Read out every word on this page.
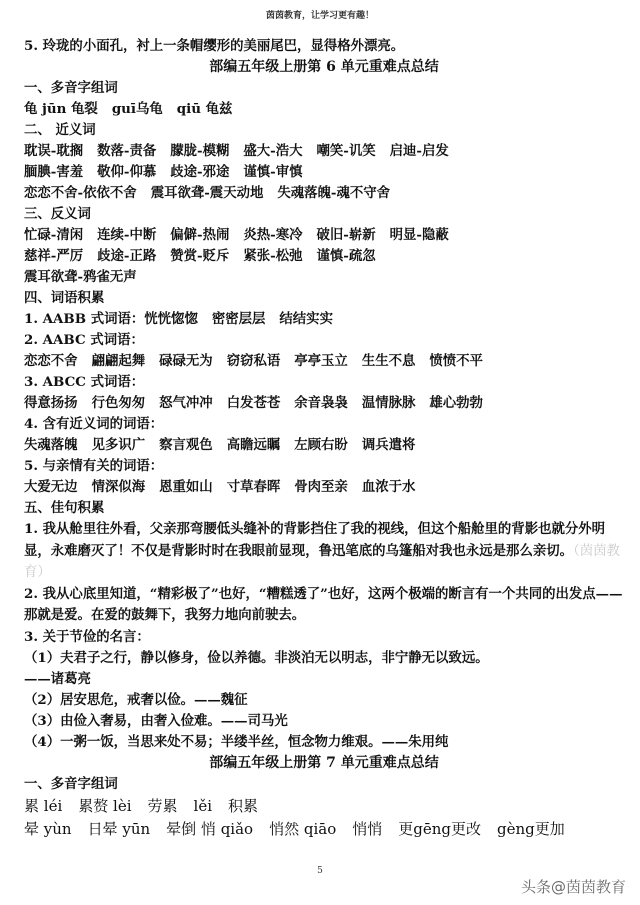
茵茵教育，让学习更有趣！
5. 玲珑的小面孔，衬上一条帽缨形的美丽尾巴，显得格外漂亮。
部编五年级上册第 6 单元重难点总结
一、多音字组词
龟 jūn 龟裂 guī乌龟 qiū 龟兹
二、 近义词
耽误-耽搁 数落-责备 朦胧-模糊 盛大-浩大 嘲笑-讥笑 启迪-启发
腼腆-害羞 敬仰-仰慕 歧途-邪途 谨慎-审慎
恋恋不舍-依依不舍 震耳欲聋-震天动地 失魂落魄-魂不守舍
三、反义词
忙碌-清闲 连续-中断 偏僻-热闹 炎热-寒冷 破旧-崭新 明显-隐蔽
慈祥-严厉 歧途-正路 赞赏-贬斥 紧张-松弛 谨慎-疏忽
震耳欲聋-鸦雀无声
四、词语积累
1. AABB 式词语：恍恍惚惚 密密层层 结结实实
2. AABC 式词语：
恋恋不舍 翩翩起舞 碌碌无为 窃窃私语 亭亭玉立 生生不息 愤愤不平
3. ABCC 式词语：
得意扬扬 行色匆匆 怒气冲冲 白发苍苍 余音袅袅 温情脉脉 雄心勃勃
4. 含有近义词的词语：
失魂落魄 见多识广 察言观色 高瞻远瞩 左顾右盼 调兵遣将
5. 与亲情有关的词语：
大爱无边 情深似海 恩重如山 寸草春晖 骨肉至亲 血浓于水
五、佳句积累
1. 我从舱里往外看，父亲那弯腰低头缝补的背影挡住了我的视线，但这个船舱里的背影也就分外明显，永难磨灭了！不仅是背影时时在我眼前显现，鲁迅笔底的乌篷船对我也永远是那么亲切。（茵茵教育）
2. 我从心底里知道，“精彩极了”也好，“糟糕透了”也好，这两个极端的断言有一个共同的出发点——那就是爱。在爱的鼓舞下，我努力地向前驶去。
3. 关于节俭的名言：
（1）夫君子之行，静以修身，俭以养德。非淡泊无以明志，非宁静无以致远。
——诸葛亮
（2）居安思危，戒奢以俭。——魏征
（3）由俭入奢易，由奢入俭难。——司马光
（4）一粥一饭，当思来处不易；半缕半丝，恒念物力维艰。——朱用纯
部编五年级上册第 7 单元重难点总结
一、多音字组词
累 léi 累赘 lèi 劳累 lěi 积累
晕 yùn 日晕 yūn 晕倒 悄 qiǎo 悄然 qiāo 悄悄 更gēng更改 gèng更加
5
头条@茵茵教育
